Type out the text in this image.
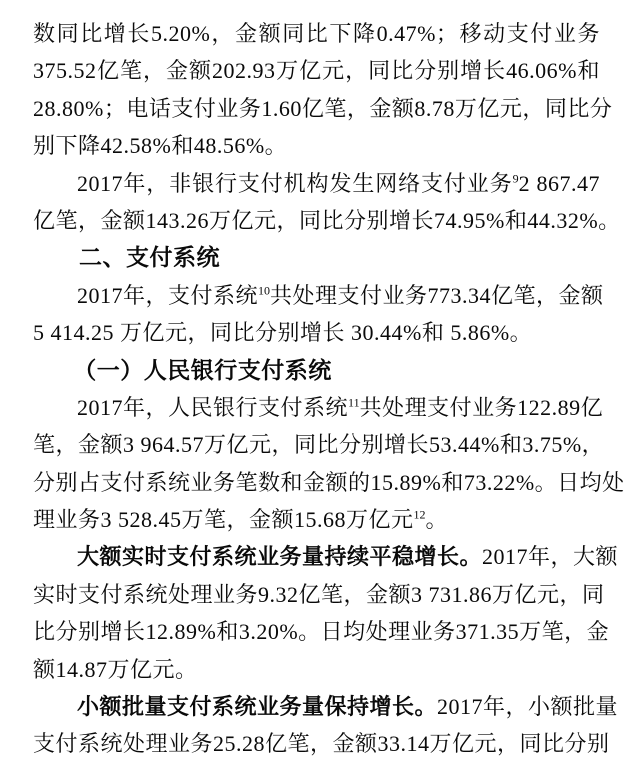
数同比增长5.20%，金额同比下降0.47%；移动支付业务
375.52亿笔，金额202.93万亿元，同比分别增长46.06%和
28.80%；电话支付业务1.60亿笔，金额8.78万亿元，同比分
别下降42.58%和48.56%。
2017年，非银行支付机构发生网络支付业务$^9$2 867.47
亿笔，金额143.26万亿元，同比分别增长74.95%和44.32%。
二、支付系统
2017年，支付系统$^{10}$共处理支付业务773.34亿笔，金额
5 414.25 万亿元，同比分别增长 30.44%和 5.86%。
（一）人民银行支付系统
2017年，人民银行支付系统$^{11}$共处理支付业务122.89亿
笔，金额3 964.57万亿元，同比分别增长53.44%和3.75%，
分别占支付系统业务笔数和金额的15.89%和73.22%。日均处
理业务3 528.45万笔，金额15.68万亿元$^{12}$。
大额实时支付系统业务量持续平稳增长。2017年，大额
实时支付系统处理业务9.32亿笔，金额3 731.86万亿元，同
比分别增长12.89%和3.20%。日均处理业务371.35万笔，金
额14.87万亿元。
小额批量支付系统业务量保持增长。2017年，小额批量
支付系统处理业务25.28亿笔，金额33.14万亿元，同比分别
